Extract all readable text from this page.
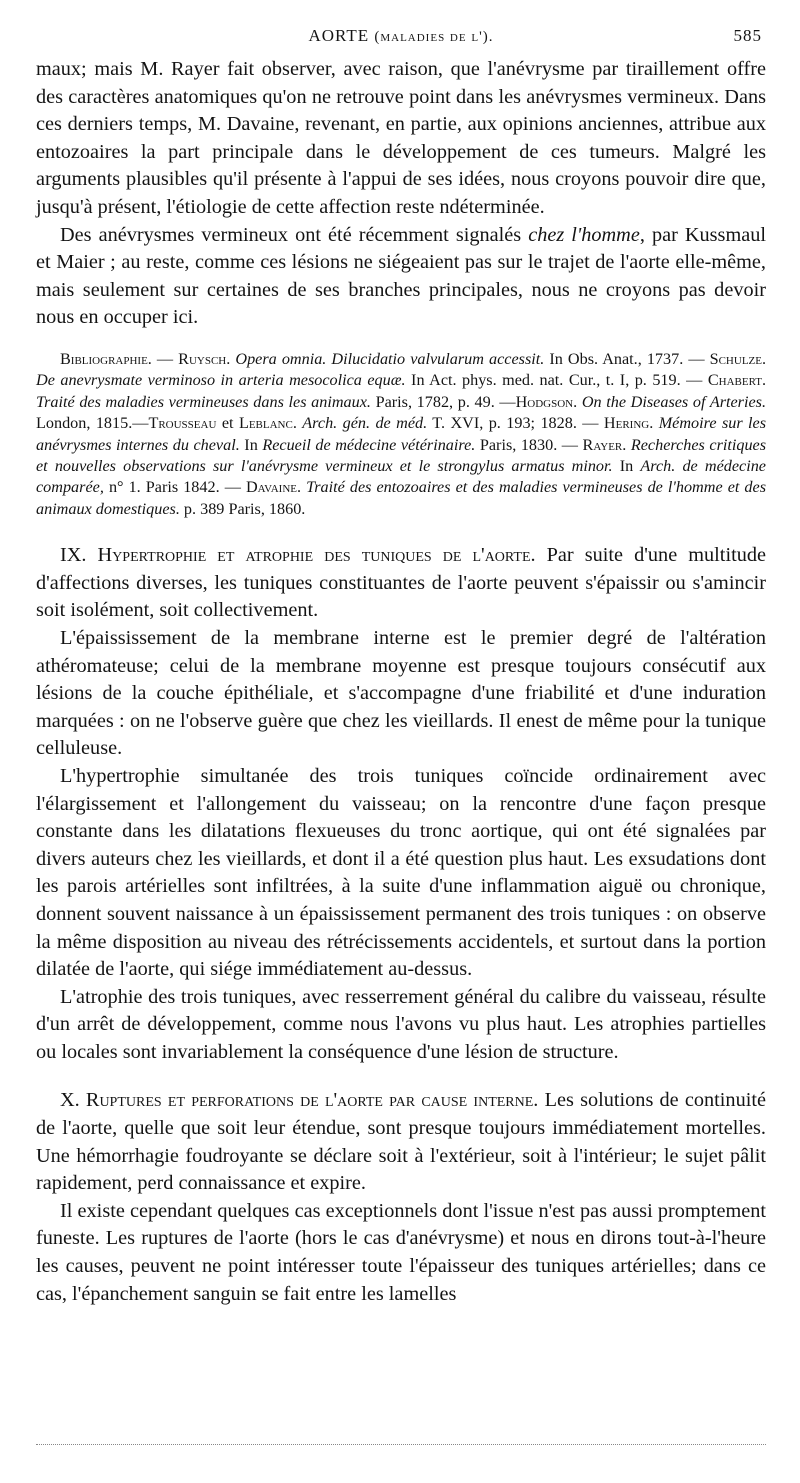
AORTE (maladies de l').	585

maux; mais M. Rayer fait observer, avec raison, que l'anévrysme par tiraillement offre des caractères anatomiques qu'on ne retrouve point dans les anévrysmes vermineux. Dans ces derniers temps, M. Davaine, revenant, en partie, aux opinions anciennes, attribue aux entozoaires la part principale dans le développement de ces tumeurs. Malgré les arguments plausibles qu'il présente à l'appui de ses idées, nous croyons pouvoir dire que, jusqu'à présent, l'étiologie de cette affection reste ndéterminée.

Des anévrysmes vermineux ont été récemment signalés chez l'homme, par Kussmaul et Maier ; au reste, comme ces lésions ne siégeaient pas sur le trajet de l'aorte elle-même, mais seulement sur certaines de ses branches principales, nous ne croyons pas devoir nous en occuper ici.

Bibliographie. — Ruysch. Opera omnia. Dilucidatio valvularum accessit. In Obs. Anat., 1737. — Schulze. De anevrysmate verminoso in arteria mesocolica equæ. In Act. phys. med. nat. Cur., t. I, p. 519. — Chabert. Traité des maladies vermineuses dans les animaux. Paris, 1782, p. 49. —Hodgson. On the Diseases of Arteries. London, 1815.—Trousseau et Leblanc. Arch. gén. de méd. T. XVI, p. 193; 1828. — Hering. Mémoire sur les anévrysmes internes du cheval. In Recueil de médecine vétérinaire. Paris, 1830. — Rayer. Recherches critiques et nouvelles observations sur l'anévrysme vermineux et le strongylus armatus minor. In Arch. de médecine comparée, n° 1. Paris 1842. — Davaine. Traité des entozoaires et des maladies vermineuses de l'homme et des animaux domestiques. p. 389 Paris, 1860.

IX. Hypertrophie et atrophie des tuniques de l'aorte. Par suite d'une multitude d'affections diverses, les tuniques constituantes de l'aorte peuvent s'épaissir ou s'amincir soit isolément, soit collectivement.

L'épaississement de la membrane interne est le premier degré de l'altération athéromateuse; celui de la membrane moyenne est presque toujours consécutif aux lésions de la couche épithéliale, et s'accompagne d'une friabilité et d'une induration marquées : on ne l'observe guère que chez les vieillards. Il enest de même pour la tunique celluleuse.

L'hypertrophie simultanée des trois tuniques coïncide ordinairement avec l'élargissement et l'allongement du vaisseau; on la rencontre d'une façon presque constante dans les dilatations flexueuses du tronc aortique, qui ont été signalées par divers auteurs chez les vieillards, et dont il a été question plus haut. Les exsudations dont les parois artérielles sont infiltrées, à la suite d'une inflammation aiguë ou chronique, donnent souvent naissance à un épaississement permanent des trois tuniques : on observe la même disposition au niveau des rétrécissements accidentels, et surtout dans la portion dilatée de l'aorte, qui siége immédiatement au-dessus.

L'atrophie des trois tuniques, avec resserrement général du calibre du vaisseau, résulte d'un arrêt de développement, comme nous l'avons vu plus haut. Les atrophies partielles ou locales sont invariablement la conséquence d'une lésion de structure.

X. Ruptures et perforations de l'aorte par cause interne. Les solutions de continuité de l'aorte, quelle que soit leur étendue, sont presque toujours immédiatement mortelles. Une hémorrhagie foudroyante se déclare soit à l'extérieur, soit à l'intérieur; le sujet pâlit rapidement, perd connaissance et expire.

Il existe cependant quelques cas exceptionnels dont l'issue n'est pas aussi promptement funeste. Les ruptures de l'aorte (hors le cas d'anévrysme) et nous en dirons tout-à-l'heure les causes, peuvent ne point intéresser toute l'épaisseur des tuniques artérielles; dans ce cas, l'épanchement sanguin se fait entre les lamelles
